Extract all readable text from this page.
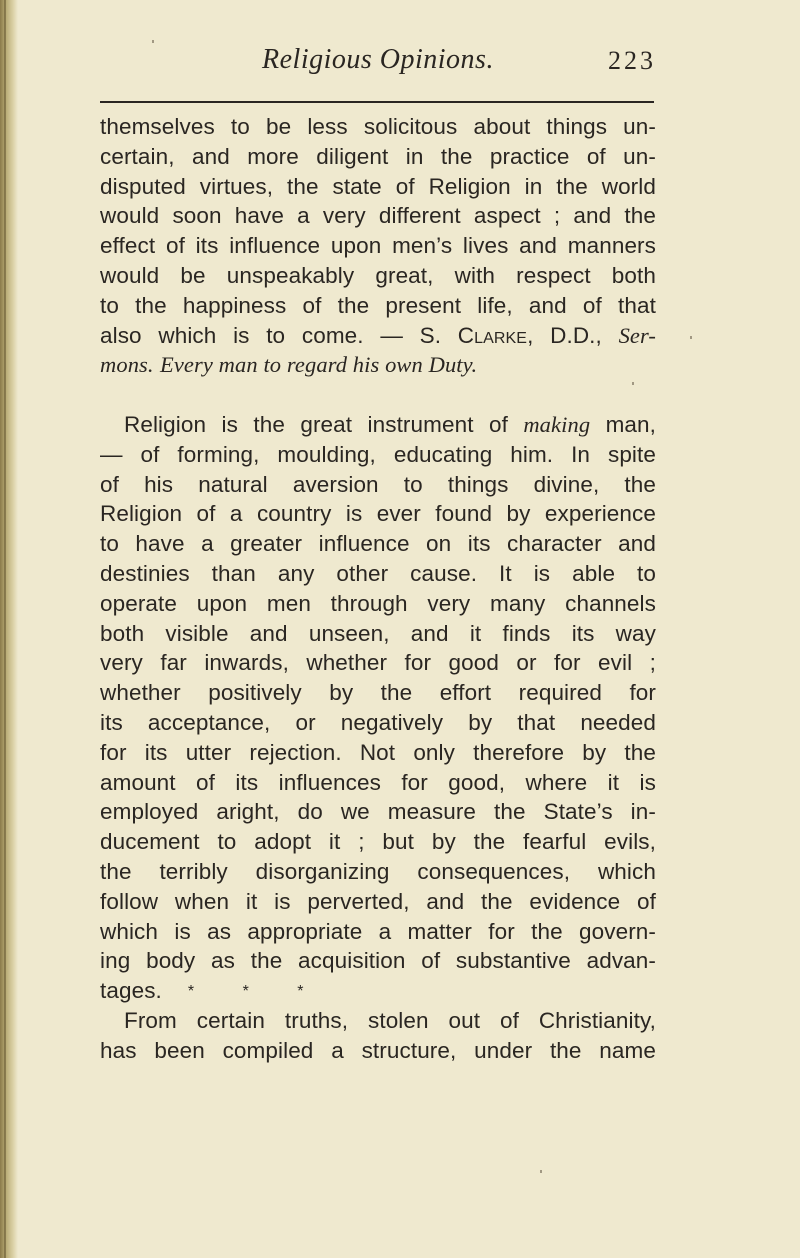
Religious Opinions.	223
themselves to be less solicitous about things un-
certain, and more diligent in the practice of un-
disputed virtues, the state of Religion in the world
would soon have a very different aspect ; and the
effect of its influence upon men’s lives and manners
would be unspeakably great, with respect both
to the happiness of the present life, and of that
also which is to come. — S. Clarke, D.D., Ser-
mons. Every man to regard his own Duty.
Religion is the great instrument of making man,
— of forming, moulding, educating him. In spite
of his natural aversion to things divine, the
Religion of a country is ever found by experience
to have a greater influence on its character and
destinies than any other cause. It is able to
operate upon men through very many channels
both visible and unseen, and it finds its way
very far inwards, whether for good or for evil ;
whether positively by the effort required for
its acceptance, or negatively by that needed
for its utter rejection. Not only therefore by the
amount of its influences for good, where it is
employed aright, do we measure the State’s in-
ducement to adopt it ; but by the fearful evils,
the terribly disorganizing consequences, which
follow when it is perverted, and the evidence of
which is as appropriate a matter for the govern-
ing body as the acquisition of substantive advan-
tages. * * *
From certain truths, stolen out of Christianity,
has been compiled a structure, under the name
